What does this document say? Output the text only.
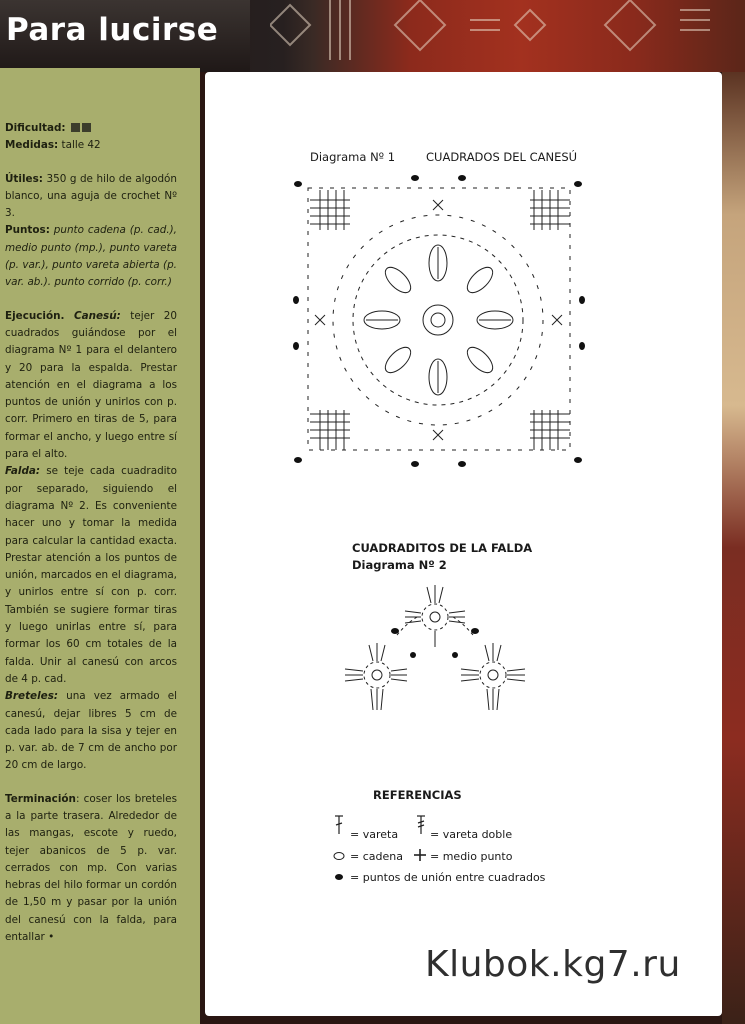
Para lucirse

Dificultad:

Medidas: talle 42

Útiles: 350 g de hilo de algodón blanco, una aguja de crochet Nº 3.

Puntos: punto cadena (p. cad.), medio punto (mp.), punto vareta (p. var.), punto vareta abierta (p. var. ab.). punto corrido (p. corr.)

Ejecución. Canesú: tejer 20 cuadrados guiándose por el diagrama Nº 1 para el delantero y 20 para la espalda. Prestar atención en el diagrama a los puntos de unión y unirlos con p. corr. Primero en tiras de 5, para formar el ancho, y luego entre sí para el alto.

Falda: se teje cada cuadradito por separado, siguiendo el diagrama Nº 2. Es conveniente hacer uno y tomar la medida para calcular la cantidad exacta. Prestar atención a los puntos de unión, marcados en el diagrama, y unirlos entre sí con p. corr. También se sugiere formar tiras y luego unirlas entre sí, para formar los 60 cm totales de la falda. Unir al canesú con arcos de 4 p. cad.

Breteles: una vez armado el canesú, dejar libres 5 cm de cada lado para la sisa y tejer en p. var. ab. de 7 cm de ancho por 20 cm de largo.

Terminación: coser los breteles a la parte trasera. Alrededor de las mangas, escote y ruedo, tejer abanicos de 5 p. var. cerrados con mp. Con varias hebras del hilo formar un cordón de 1,50 m y pasar por la unión del canesú con la falda, para entallar •

Diagrama Nº 1	CUADRADOS DEL CANESÚ
CUADRADITOS DE LA FALDA
Diagrama Nº 2
REFERENCIAS
= vareta	= vareta doble
= cadena = medio punto
= puntos de unión entre cuadrados
Klubok.kg7.ru
